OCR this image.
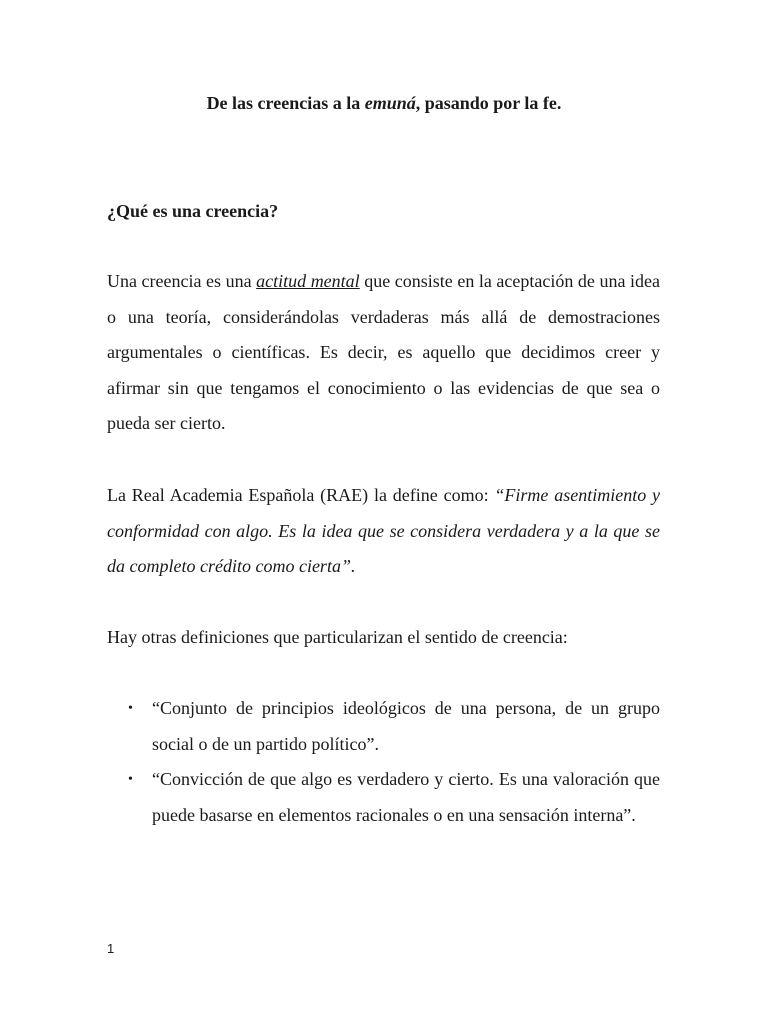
De las creencias a la emuná, pasando por la fe.
¿Qué es una creencia?
Una creencia es una actitud mental que consiste en la aceptación de una idea o una teoría, considerándolas verdaderas más allá de demostraciones argumentales o científicas. Es decir, es aquello que decidimos creer y afirmar sin que tengamos el conocimiento o las evidencias de que sea o pueda ser cierto.
La Real Academia Española (RAE) la define como: “Firme asentimiento y conformidad con algo. Es la idea que se considera verdadera y a la que se da completo crédito como cierta”.
Hay otras definiciones que particularizan el sentido de creencia:
• “Conjunto de principios ideológicos de una persona, de un grupo social o de un partido político”.
• “Convicción de que algo es verdadero y cierto. Es una valoración que puede basarse en elementos racionales o en una sensación interna”.
1
